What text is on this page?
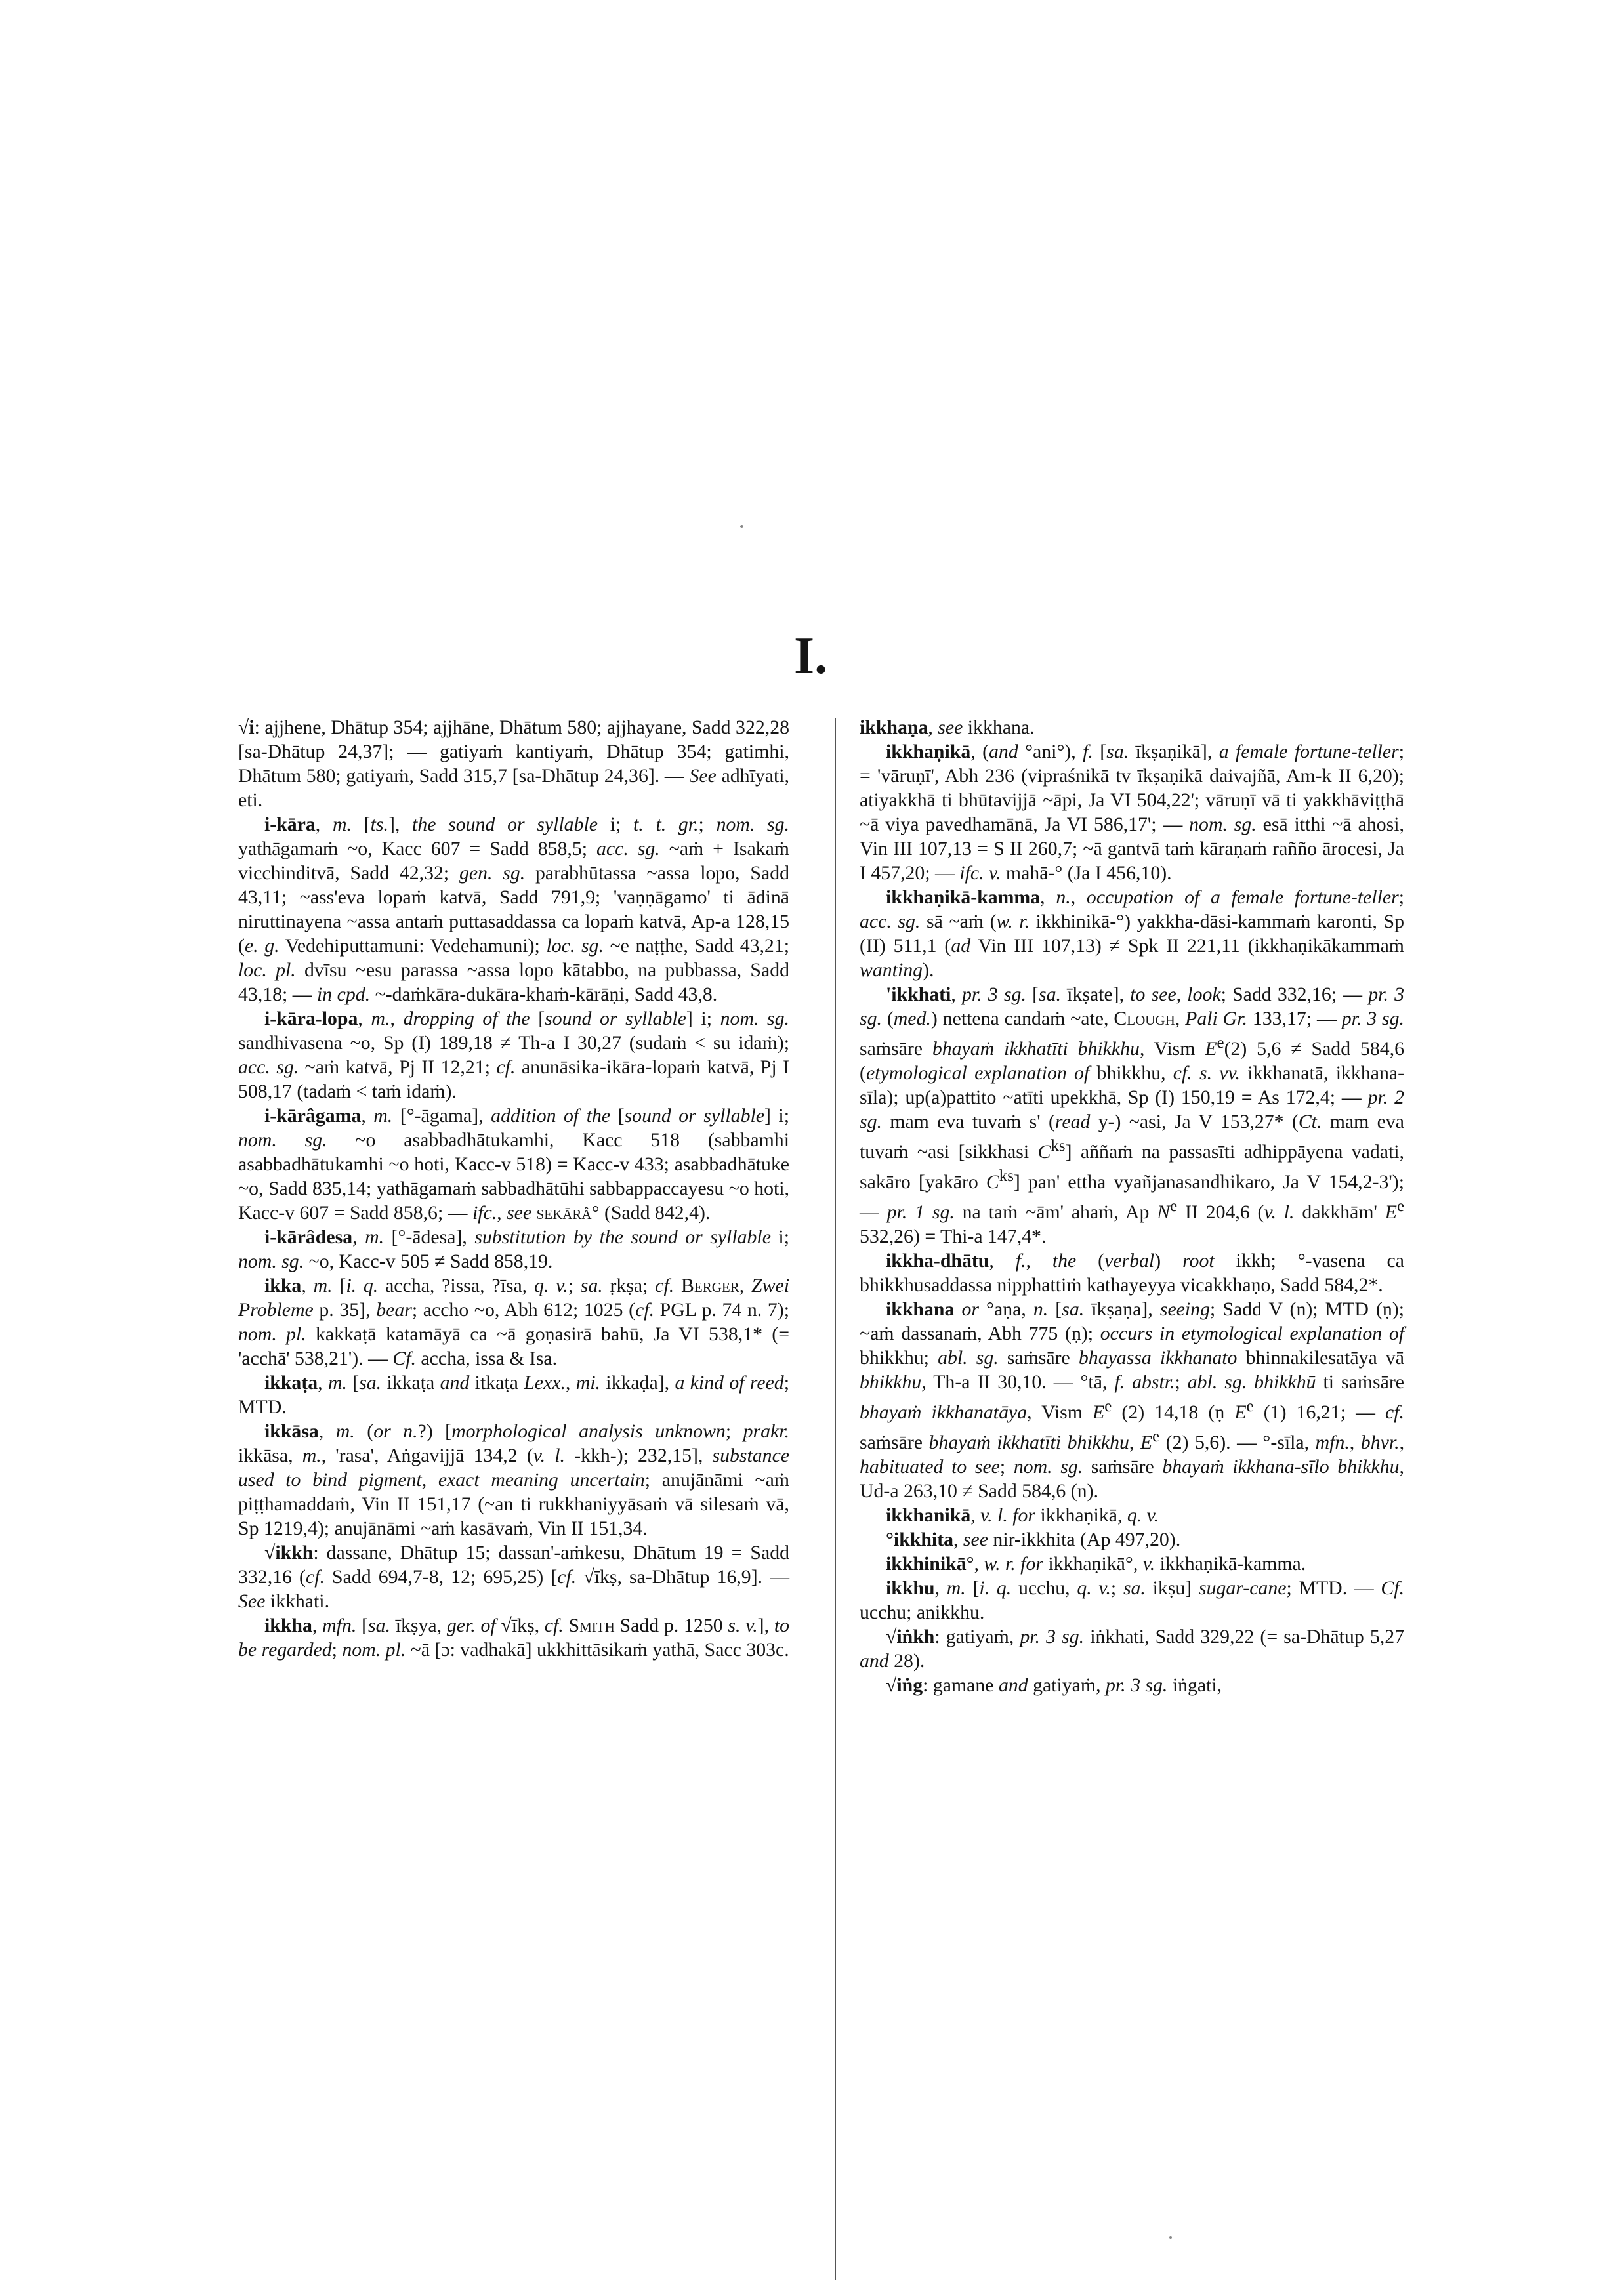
I.

√i: ajjhene, Dhātup 354; ajjhāne, Dhātum 580; ajjhayane, Sadd 322,28 [sa-Dhātup 24,37]; — gatiyaṁ kantiyaṁ, Dhātup 354; gatimhi, Dhātum 580; gatiyaṁ, Sadd 315,7 [sa-Dhātup 24,36]. — See adhīyati, eti.

i-kāra, m. [ts.], the sound or syllable i; t. t. gr.; nom. sg. yathāgamaṁ ~o, Kacc 607 = Sadd 858,5; acc. sg. ~aṁ + Isakaṁ vicchinditvā, Sadd 42,32; gen. sg. parabhūtassa ~assa lopo, Sadd 43,11; ~ass'eva lopaṁ katvā, Sadd 791,9; 'vaṇṇāgamo' ti ādinā niruttinayena ~assa antaṁ puttasaddassa ca lopaṁ katvā, Ap-a 128,15 (e. g. Vedehiputtamuni: Vedehamuni); loc. sg. ~e naṭṭhe, Sadd 43,21; loc. pl. dvīsu ~esu parassa ~assa lopo kātabbo, na pubbassa, Sadd 43,18; — in cpd. ~-daṁkāra-dukāra-khaṁ-kārāṇi, Sadd 43,8.

i-kāra-lopa, m., dropping of the [sound or syllable] i; nom. sg. sandhivasena ~o, Sp (I) 189,18 ≠ Th-a I 30,27 (sudaṁ < su idaṁ); acc. sg. ~aṁ katvā, Pj II 12,21; cf. anunāsika-ikāra-lopaṁ katvā, Pj I 508,17 (tadaṁ < taṁ idaṁ).

i-kārâgama, m. [°-āgama], addition of the [sound or syllable] i; nom. sg. ~o asabbadhātukamhi, Kacc 518 (sabbamhi asabbadhātukamhi ~o hoti, Kacc-v 518) = Kacc-v 433; asabbadhātuke ~o, Sadd 835,14; yathāgamaṁ sabbadhātūhi sabbappaccayesu ~o hoti, Kacc-v 607 = Sadd 858,6; — ifc., see sekārâ° (Sadd 842,4).

i-kārâdesa, m. [°-ādesa], substitution by the sound or syllable i; nom. sg. ~o, Kacc-v 505 ≠ Sadd 858,19.

ikka, m. [i. q. accha, ?issa, ?īsa, q. v.; sa. ṛkṣa; cf. Berger, Zwei Probleme p. 35], bear; accho ~o, Abh 612; 1025 (cf. PGL p. 74 n. 7); nom. pl. kakkaṭā katamāyā ca ~ā goṇasirā bahū, Ja VI 538,1* (= 'acchā' 538,21'). — Cf. accha, issa & Isa.

ikkaṭa, m. [sa. ikkaṭa and itkaṭa Lexx., mi. ikkaḍa], a kind of reed; MTD.

ikkāsa, m. (or n.?) [morphological analysis unknown; prakr. ikkāsa, m., 'rasa', Aṅgavijjā 134,2 (v. l. -kkh-); 232,15], substance used to bind pigment, exact meaning uncertain; anujānāmi ~aṁ piṭṭhamaddaṁ, Vin II 151,17 (~an ti rukkhaniyyāsaṁ vā silesaṁ vā, Sp 1219,4); anujānāmi ~aṁ kasāvaṁ, Vin II 151,34.

√ikkh: dassane, Dhātup 15; dassan'-aṁkesu, Dhātum 19 = Sadd 332,16 (cf. Sadd 694,7-8, 12; 695,25) [cf. √īkṣ, sa-Dhātup 16,9]. — See ikkhati.

ikkha, mfn. [sa. īkṣya, ger. of √īkṣ, cf. Smith Sadd p. 1250 s. v.], to be regarded; nom. pl. ~ā [ɔ: vadhakā] ukkhittāsikaṁ yathā, Sacc 303c.

ikkhaṇa, see ikkhana.

ikkhaṇikā, (and °ani°), f. [sa. īkṣaṇikā], a female fortune-teller; = 'vāruṇī', Abh 236 (vipraśnikā tv īkṣaṇikā daivajñā, Am-k II 6,20); atiyakkhā ti bhūtavijjā ~āpi, Ja VI 504,22'; vāruṇī vā ti yakkhāviṭṭhā ~ā viya pavedhamānā, Ja VI 586,17'; — nom. sg. esā itthi ~ā ahosi, Vin III 107,13 = S II 260,7; ~ā gantvā taṁ kāraṇaṁ rañño ārocesi, Ja I 457,20; — ifc. v. mahā-° (Ja I 456,10).

ikkhaṇikā-kamma, n., occupation of a female fortune-teller; acc. sg. sā ~aṁ (w. r. ikkhinikā-°) yakkha-dāsi-kammaṁ karonti, Sp (II) 511,1 (ad Vin III 107,13) ≠ Spk II 221,11 (ikkhaṇikākammaṁ wanting).

'ikkhati, pr. 3 sg. [sa. īkṣate], to see, look; Sadd 332,16; — pr. 3 sg. (med.) nettena candaṁ ~ate, Clough, Pali Gr. 133,17; — pr. 3 sg. saṁsāre bhayaṁ ikkhatīti bhikkhu, Vism $E^e(2) 5,6$ ≠ Sadd 584,6 (etymological explanation of bhikkhu, cf. s. vv. ikkhanatā, ikkhana-sīla); up(a)pattito ~atīti upekkhā, Sp (I) 150,19 = As 172,4; — pr. 2 sg. mam eva tuvaṁ s' (read y-) ~asi, Ja V 153,27* (Ct. mam eva tuvaṁ ~asi [sikkhasi $C^{ks}$] aññaṁ na passasīti adhippāyena vadati, sakāro [yakāro $C^{ks}$] pan' ettha vyañjanasandhikaro, Ja V 154,2-3'); — pr. 1 sg. na taṁ ~ām' ahaṁ, Ap $N^e$ II 204,6 (v. l. dakkhām' $E^e$ 532,26) = Thi-a 147,4*.

ikkha-dhātu, f., the (verbal) root ikkh; °-vasena ca bhikkhusaddassa nipphattiṁ kathayeyya vicakkhaṇo, Sadd 584,2*.

ikkhana or °aṇa, n. [sa. īkṣaṇa], seeing; Sadd V (n); MTD (ṇ); ~aṁ dassanaṁ, Abh 775 (ṇ); occurs in etymological explanation of bhikkhu; abl. sg. saṁsāre bhayassa ikkhanato bhinnakilesatāya vā bhikkhu, Th-a II 30,10. — °tā, f. abstr.; abl. sg. bhikkhū ti saṁsāre bhayaṁ ikkhanatāya, Vism $E^e$ (2) 14,18 (ṇ $E^e$ (1) 16,21; — cf. saṁsāre bhayaṁ ikkhatīti bhikkhu, $E^e$ (2) 5,6). — °-sīla, mfn., bhvr., habituated to see; nom. sg. saṁsāre bhayaṁ ikkhana-sīlo bhikkhu, Ud-a 263,10 ≠ Sadd 584,6 (n).

ikkhanikā, v. l. for ikkhaṇikā, q. v.

°ikkhita, see nir-ikkhita (Ap 497,20).

ikkhinikā°, w. r. for ikkhaṇikā°, v. ikkhaṇikā-kamma.

ikkhu, m. [i. q. ucchu, q. v.; sa. ikṣu] sugar-cane; MTD. — Cf. ucchu; anikkhu.

√iṅkh: gatiyaṁ, pr. 3 sg. iṅkhati, Sadd 329,22 (= sa-Dhātup 5,27 and 28).

√iṅg: gamane and gatiyaṁ, pr. 3 sg. iṅgati,
